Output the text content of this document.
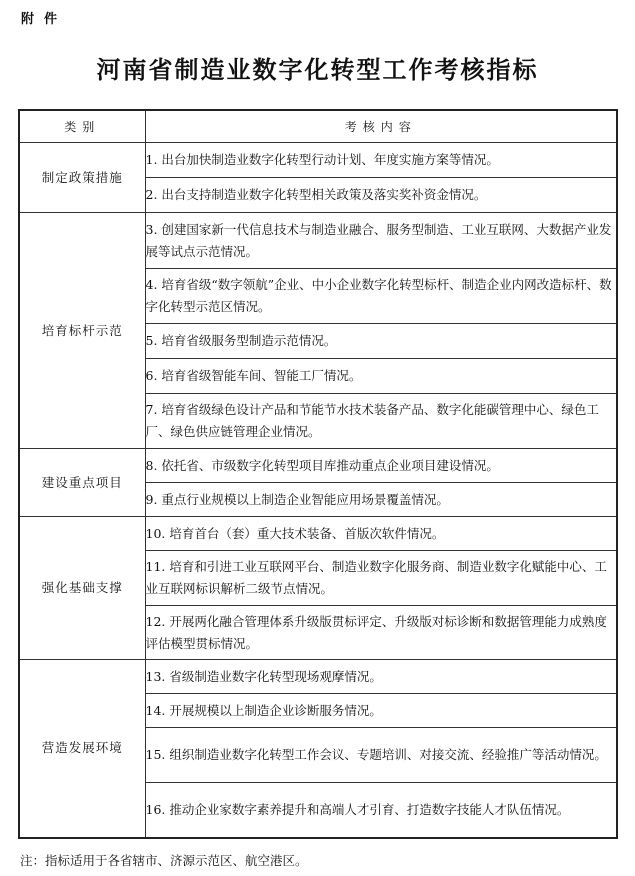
附件
河南省制造业数字化转型工作考核指标
类别	考核内容
制定政策措施	1. 出台加快制造业数字化转型行动计划、年度实施方案等情况。
	2. 出台支持制造业数字化转型相关政策及落实奖补资金情况。
培育标杆示范	3. 创建国家新一代信息技术与制造业融合、服务型制造、工业互联网、大数据产业发展等试点示范情况。
	4. 培育省级“数字领航”企业、中小企业数字化转型标杆、制造企业内网改造标杆、数字化转型示范区情况。
	5. 培育省级服务型制造示范情况。
	6. 培育省级智能车间、智能工厂情况。
	7. 培育省级绿色设计产品和节能节水技术装备产品、数字化能碳管理中心、绿色工厂、绿色供应链管理企业情况。
建设重点项目	8. 依托省、市级数字化转型项目库推动重点企业项目建设情况。
	9. 重点行业规模以上制造企业智能应用场景覆盖情况。
强化基础支撑	10. 培育首台（套）重大技术装备、首版次软件情况。
	11. 培育和引进工业互联网平台、制造业数字化服务商、制造业数字化赋能中心、工业互联网标识解析二级节点情况。
	12. 开展两化融合管理体系升级版贯标评定、升级版对标诊断和数据管理能力成熟度评估模型贯标情况。
营造发展环境	13. 省级制造业数字化转型现场观摩情况。
	14. 开展规模以上制造企业诊断服务情况。
	15. 组织制造业数字化转型工作会议、专题培训、对接交流、经验推广等活动情况。
	16. 推动企业家数字素养提升和高端人才引育、打造数字技能人才队伍情况。
注：指标适用于各省辖市、济源示范区、航空港区。
